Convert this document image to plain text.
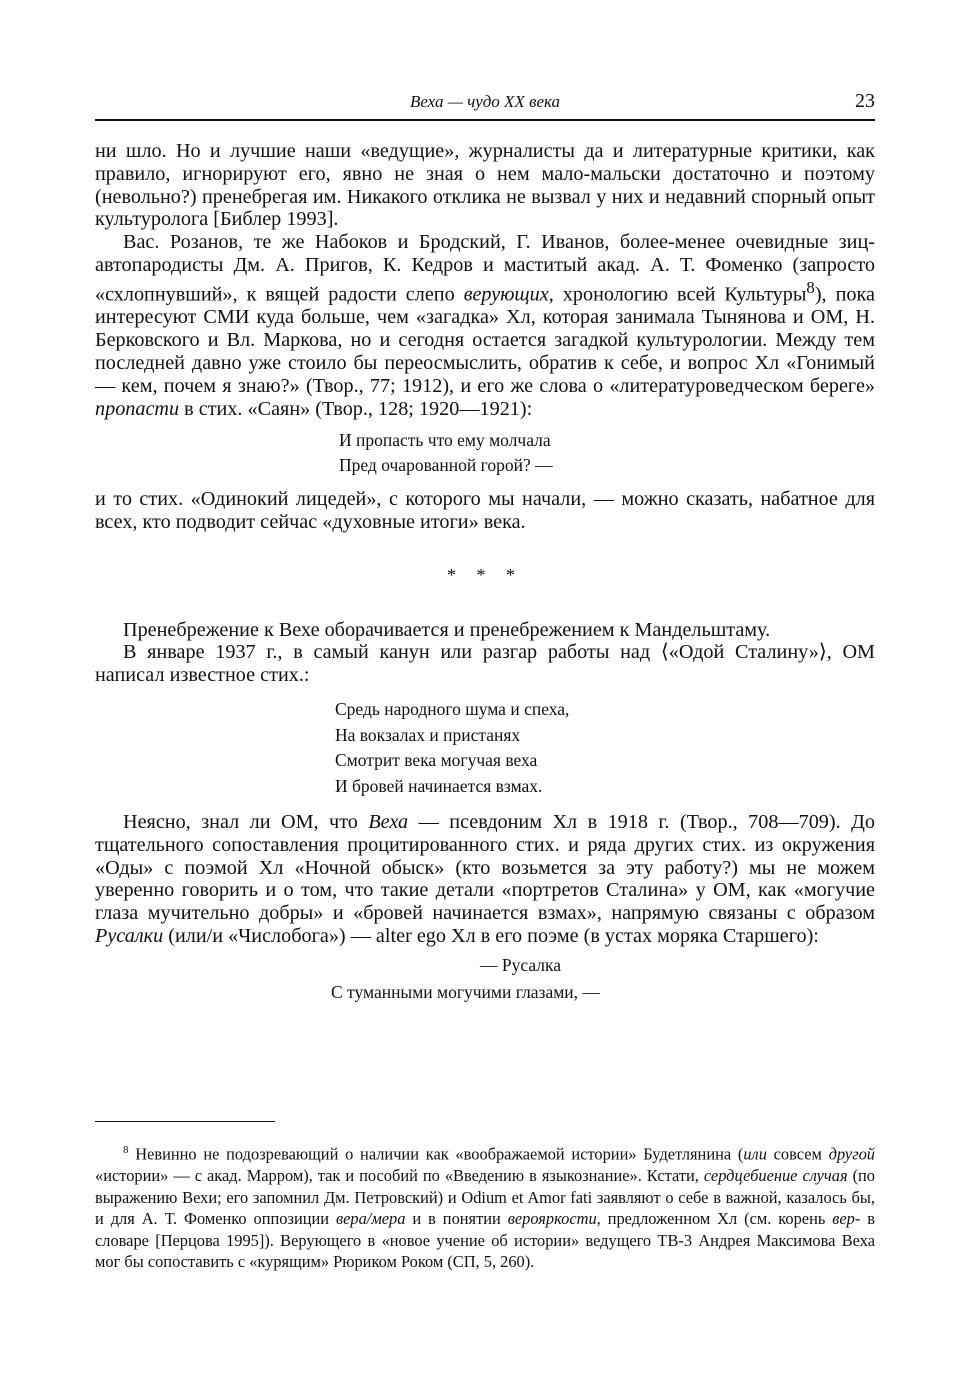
Веха — чудо XX века	23

ни шло. Но и лучшие наши «ведущие», журналисты да и литературные критики, как правило, игнорируют его, явно не зная о нем мало-мальски достаточно и поэтому (невольно?) пренебрегая им. Никакого отклика не вызвал у них и недавний спорный опыт культуролога [Библер 1993].

Вас. Розанов, те же Набоков и Бродский, Г. Иванов, более-менее очевидные зиц-автопародисты Дм. А. Пригов, К. Кедров и маститый акад. А. Т. Фоменко (запросто «схлопнувший», к вящей радости слепо верующих, хронологию всей Культуры$^8$), пока интересуют СМИ куда больше, чем «загадка» Хл, которая занимала Тынянова и ОМ, Н. Берковского и Вл. Маркова, но и сегодня остается загадкой культурологии. Между тем последней давно уже стоило бы переосмыслить, обратив к себе, и вопрос Хл «Гонимый — кем, почем я знаю?» (Твор., 77; 1912), и его же слова о «литературоведческом береге» пропасти в стих. «Саян» (Твор., 128; 1920—1921):

И пропасть что ему молчала
Пред очарованной горой? —

и то стих. «Одинокий лицедей», с которого мы начали, — можно сказать, набатное для всех, кто подводит сейчас «духовные итоги» века.

* * *

Пренебрежение к Вехе оборачивается и пренебрежением к Мандельштаму.

В январе 1937 г., в самый канун или разгар работы над ⟨«Одой Сталину»⟩, ОМ написал известное стих.:

Средь народного шума и спеха,
На вокзалах и пристанях
Смотрит века могучая веха
И бровей начинается взмах.

Неясно, знал ли ОМ, что Веха — псевдоним Хл в 1918 г. (Твор., 708—709). До тщательного сопоставления процитированного стих. и ряда других стих. из окружения «Оды» с поэмой Хл «Ночной обыск» (кто возьмется за эту работу?) мы не можем уверенно говорить и о том, что такие детали «портретов Сталина» у ОМ, как «могучие глаза мучительно добры» и «бровей начинается взмах», напрямую связаны с образом Русалки (или/и «Числобога») — alter ego Хл в его поэме (в устах моряка Старшего):

— Русалка
С туманными могучими глазами, —
$^8$ Невинно не подозревающий о наличии как «воображаемой истории» Будетлянина (или совсем другой «истории» — с акад. Марром), так и пособий по «Введению в языкознание». Кстати, сердцебиение случая (по выражению Вехи; его запомнил Дм. Петровский) и Odium et Amor fati заявляют о себе в важной, казалось бы, и для А. Т. Фоменко оппозиции вера/мера и в понятии верояркости, предложенном Хл (см. корень вер- в словаре [Перцова 1995]). Верующего в «новое учение об истории» ведущего ТВ-3 Андрея Максимова Веха мог бы сопоставить с «курящим» Рюриком Роком (СП, 5, 260).
